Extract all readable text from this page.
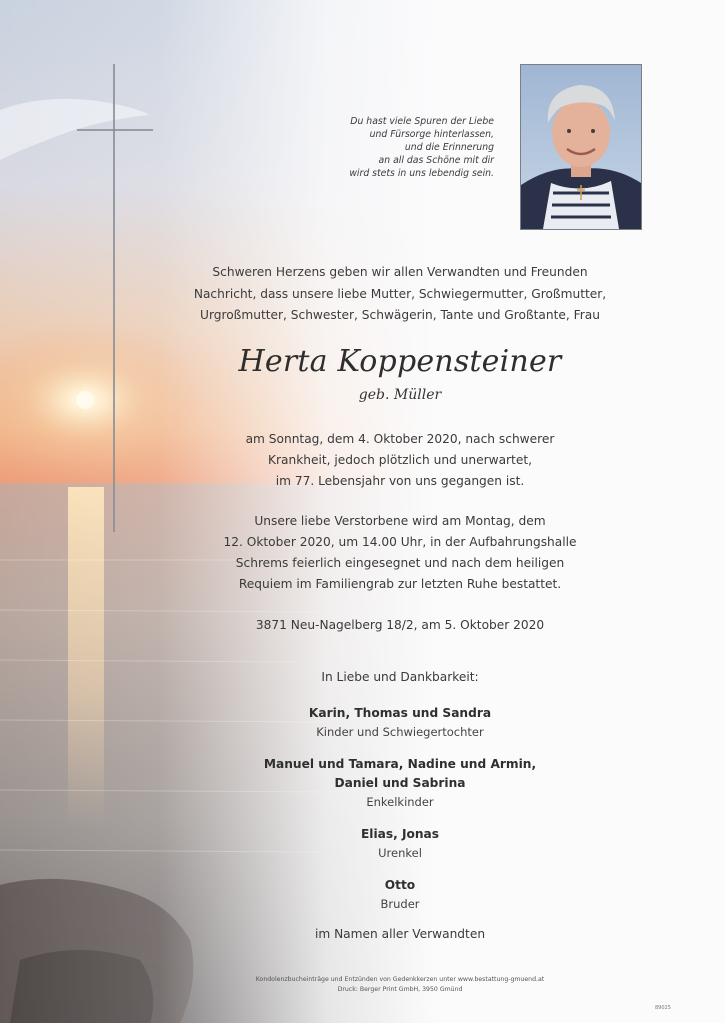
Du hast viele Spuren der Liebe
und Fürsorge hinterlassen,
und die Erinnerung
an all das Schöne mit dir
wird stets in uns lebendig sein.
Schweren Herzens geben wir allen Verwandten und Freunden
Nachricht, dass unsere liebe Mutter, Schwiegermutter, Großmutter,
Urgroßmutter, Schwester, Schwägerin, Tante und Großtante, Frau
Herta Koppensteiner
geb. Müller
am Sonntag, dem 4. Oktober 2020, nach schwerer
Krankheit, jedoch plötzlich und unerwartet,
im 77. Lebensjahr von uns gegangen ist.
Unsere liebe Verstorbene wird am Montag, dem
12. Oktober 2020, um 14.00 Uhr, in der Aufbahrungshalle
Schrems feierlich eingesegnet und nach dem heiligen
Requiem im Familiengrab zur letzten Ruhe bestattet.
3871 Neu-Nagelberg 18/2, am 5. Oktober 2020
In Liebe und Dankbarkeit:
Karin, Thomas und Sandra
Kinder und Schwiegertochter
Manuel und Tamara, Nadine und Armin,
Daniel und Sabrina
Enkelkinder
Elias, Jonas
Urenkel
Otto
Bruder
im Namen aller Verwandten
Kondolenzbucheinträge und Entzünden von Gedenkkerzen unter www.bestattung-gmuend.at
Druck: Berger Print GmbH, 3950 Gmünd
89025
